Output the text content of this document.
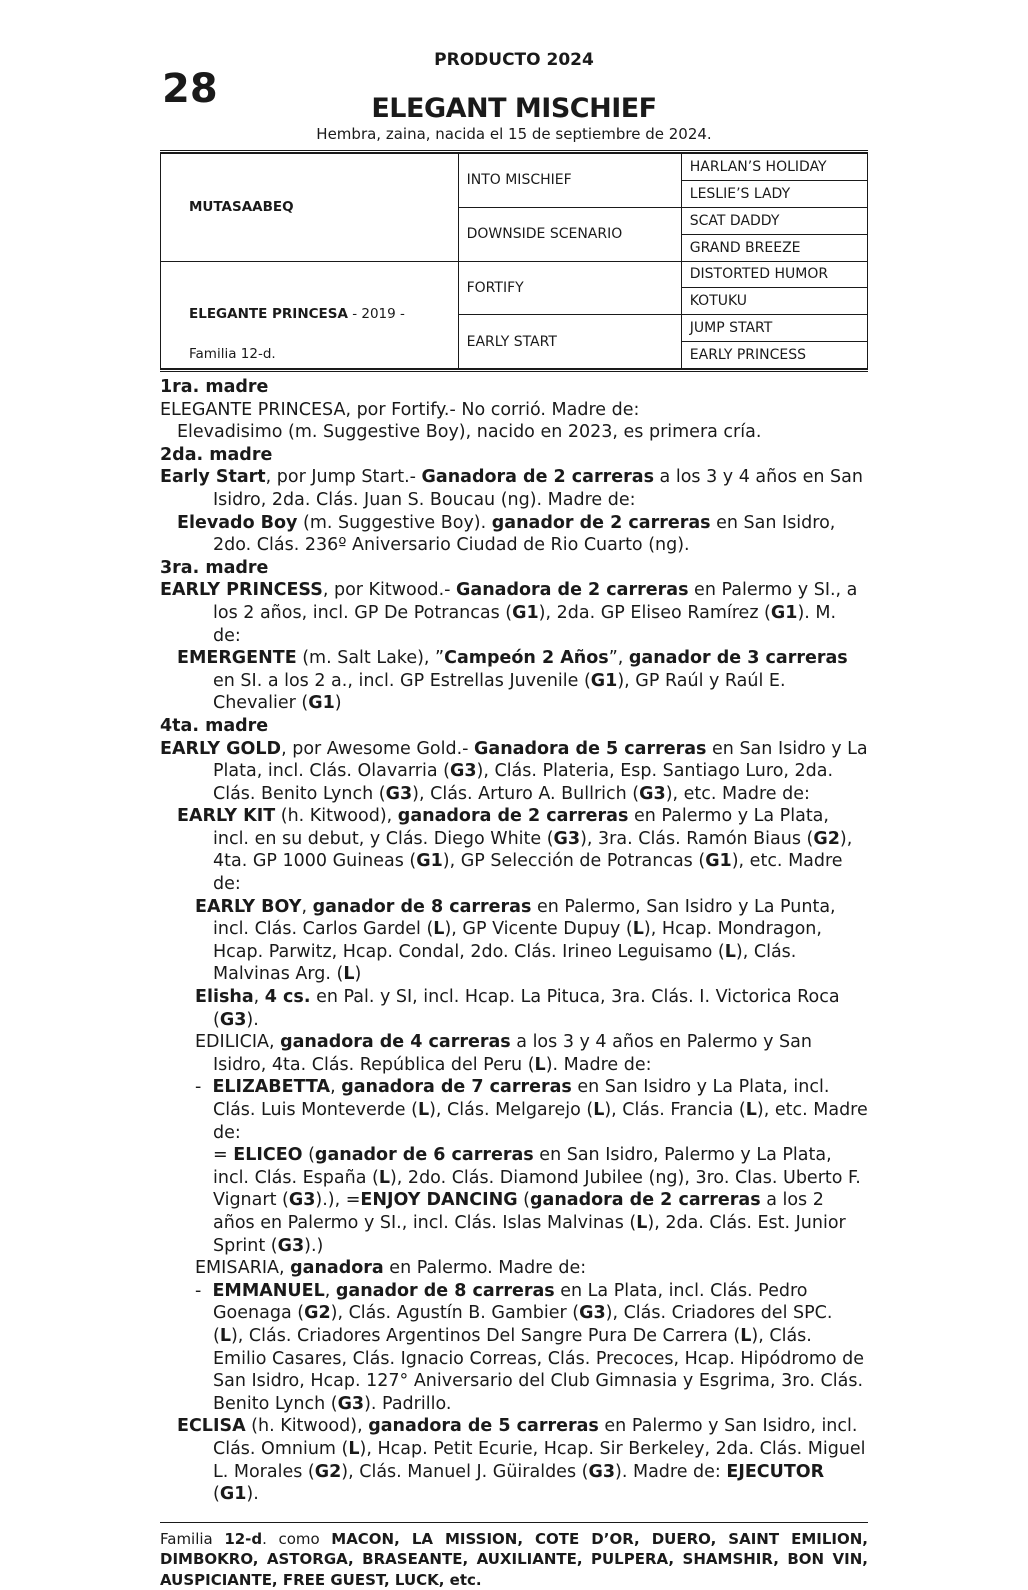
28
PRODUCTO 2024
ELEGANT MISCHIEF
Hembra, zaina, nacida el 15 de septiembre de 2024.
MUTASAABEQ	INTO MISCHIEF	HARLAN’S HOLIDAY
		LESLIE’S LADY
	DOWNSIDE SCENARIO	SCAT DADDY
		GRAND BREEZE

ELEGANTE PRINCESA - 2019 -
Familia 12-d.	FORTIFY	DISTORTED HUMOR
		KOTUKU
	EARLY START	JUMP START
		EARLY PRINCESS

1ra. madre

ELEGANTE PRINCESA, por Fortify.- No corrió. Madre de:

Elevadisimo (m. Suggestive Boy), nacido en 2023, es primera cría.

2da. madre

Early Start, por Jump Start.- Ganadora de 2 carreras a los 3 y 4 años en San Isidro, 2da. Clás. Juan S. Boucau (ng). Madre de:

Elevado Boy (m. Suggestive Boy). ganador de 2 carreras en San Isidro, 2do. Clás. 236º Aniversario Ciudad de Rio Cuarto (ng).

3ra. madre

EARLY PRINCESS, por Kitwood.- Ganadora de 2 carreras en Palermo y SI., a los 2 años, incl. GP De Potrancas (G1), 2da. GP Eliseo Ramírez (G1). M. de:

EMERGENTE (m. Salt Lake), ”Campeón 2 Años”, ganador de 3 carreras en SI. a los 2 a., incl. GP Estrellas Juvenile (G1), GP Raúl y Raúl E. Chevalier (G1)

4ta. madre

EARLY GOLD, por Awesome Gold.- Ganadora de 5 carreras en San Isidro y La Plata, incl. Clás. Olavarria (G3), Clás. Plateria, Esp. Santiago Luro, 2da. Clás. Benito Lynch (G3), Clás. Arturo A. Bullrich (G3), etc. Madre de:

EARLY KIT (h. Kitwood), ganadora de 2 carreras en Palermo y La Plata, incl. en su debut, y Clás. Diego White (G3), 3ra. Clás. Ramón Biaus (G2), 4ta. GP 1000 Guineas (G1), GP Selección de Potrancas (G1), etc. Madre de:

EARLY BOY, ganador de 8 carreras en Palermo, San Isidro y La Punta, incl. Clás. Carlos Gardel (L), GP Vicente Dupuy (L), Hcap. Mondragon, Hcap. Parwitz, Hcap. Condal, 2do. Clás. Irineo Leguisamo (L), Clás. Malvinas Arg. (L)

Elisha, 4 cs. en Pal. y SI, incl. Hcap. La Pituca, 3ra. Clás. I. Victorica Roca (G3).

EDILICIA, ganadora de 4 carreras a los 3 y 4 años en Palermo y San Isidro, 4ta. Clás. República del Peru (L). Madre de:

-  ELIZABETTA, ganadora de 7 carreras en San Isidro y La Plata, incl. Clás. Luis Monteverde (L), Clás. Melgarejo (L), Clás. Francia (L), etc. Madre de:

= ELICEO (ganador de 6 carreras en San Isidro, Palermo y La Plata, incl. Clás. España (L), 2do. Clás. Diamond Jubilee (ng), 3ro. Clas. Uberto F. Vignart (G3).), =ENJOY DANCING (ganadora de 2 carreras a los 2 años en Palermo y SI., incl. Clás. Islas Malvinas (L), 2da. Clás. Est. Junior Sprint (G3).)

EMISARIA, ganadora en Palermo. Madre de:

-  EMMANUEL, ganador de 8 carreras en La Plata, incl. Clás. Pedro Goenaga (G2), Clás. Agustín B. Gambier (G3), Clás. Criadores del SPC. (L), Clás. Criadores Argentinos Del Sangre Pura De Carrera (L), Clás. Emilio Casares, Clás. Ignacio Correas, Clás. Precoces, Hcap. Hipódromo de San Isidro, Hcap. 127° Aniversario del Club Gimnasia y Esgrima, 3ro. Clás. Benito Lynch (G3). Padrillo.

ECLISA (h. Kitwood), ganadora de 5 carreras en Palermo y San Isidro, incl. Clás. Omnium (L), Hcap. Petit Ecurie, Hcap. Sir Berkeley, 2da. Clás. Miguel L. Morales (G2), Clás. Manuel J. Güiraldes (G3). Madre de: EJECUTOR (G1).

Familia 12-d. como MACON, LA MISSION, COTE D’OR, DUERO, SAINT EMILION, DIMBOKRO, ASTORGA, BRASEANTE, AUXILIANTE, PULPERA, SHAMSHIR, BON VIN, AUSPICIANTE, FREE GUEST, LUCK, etc.
